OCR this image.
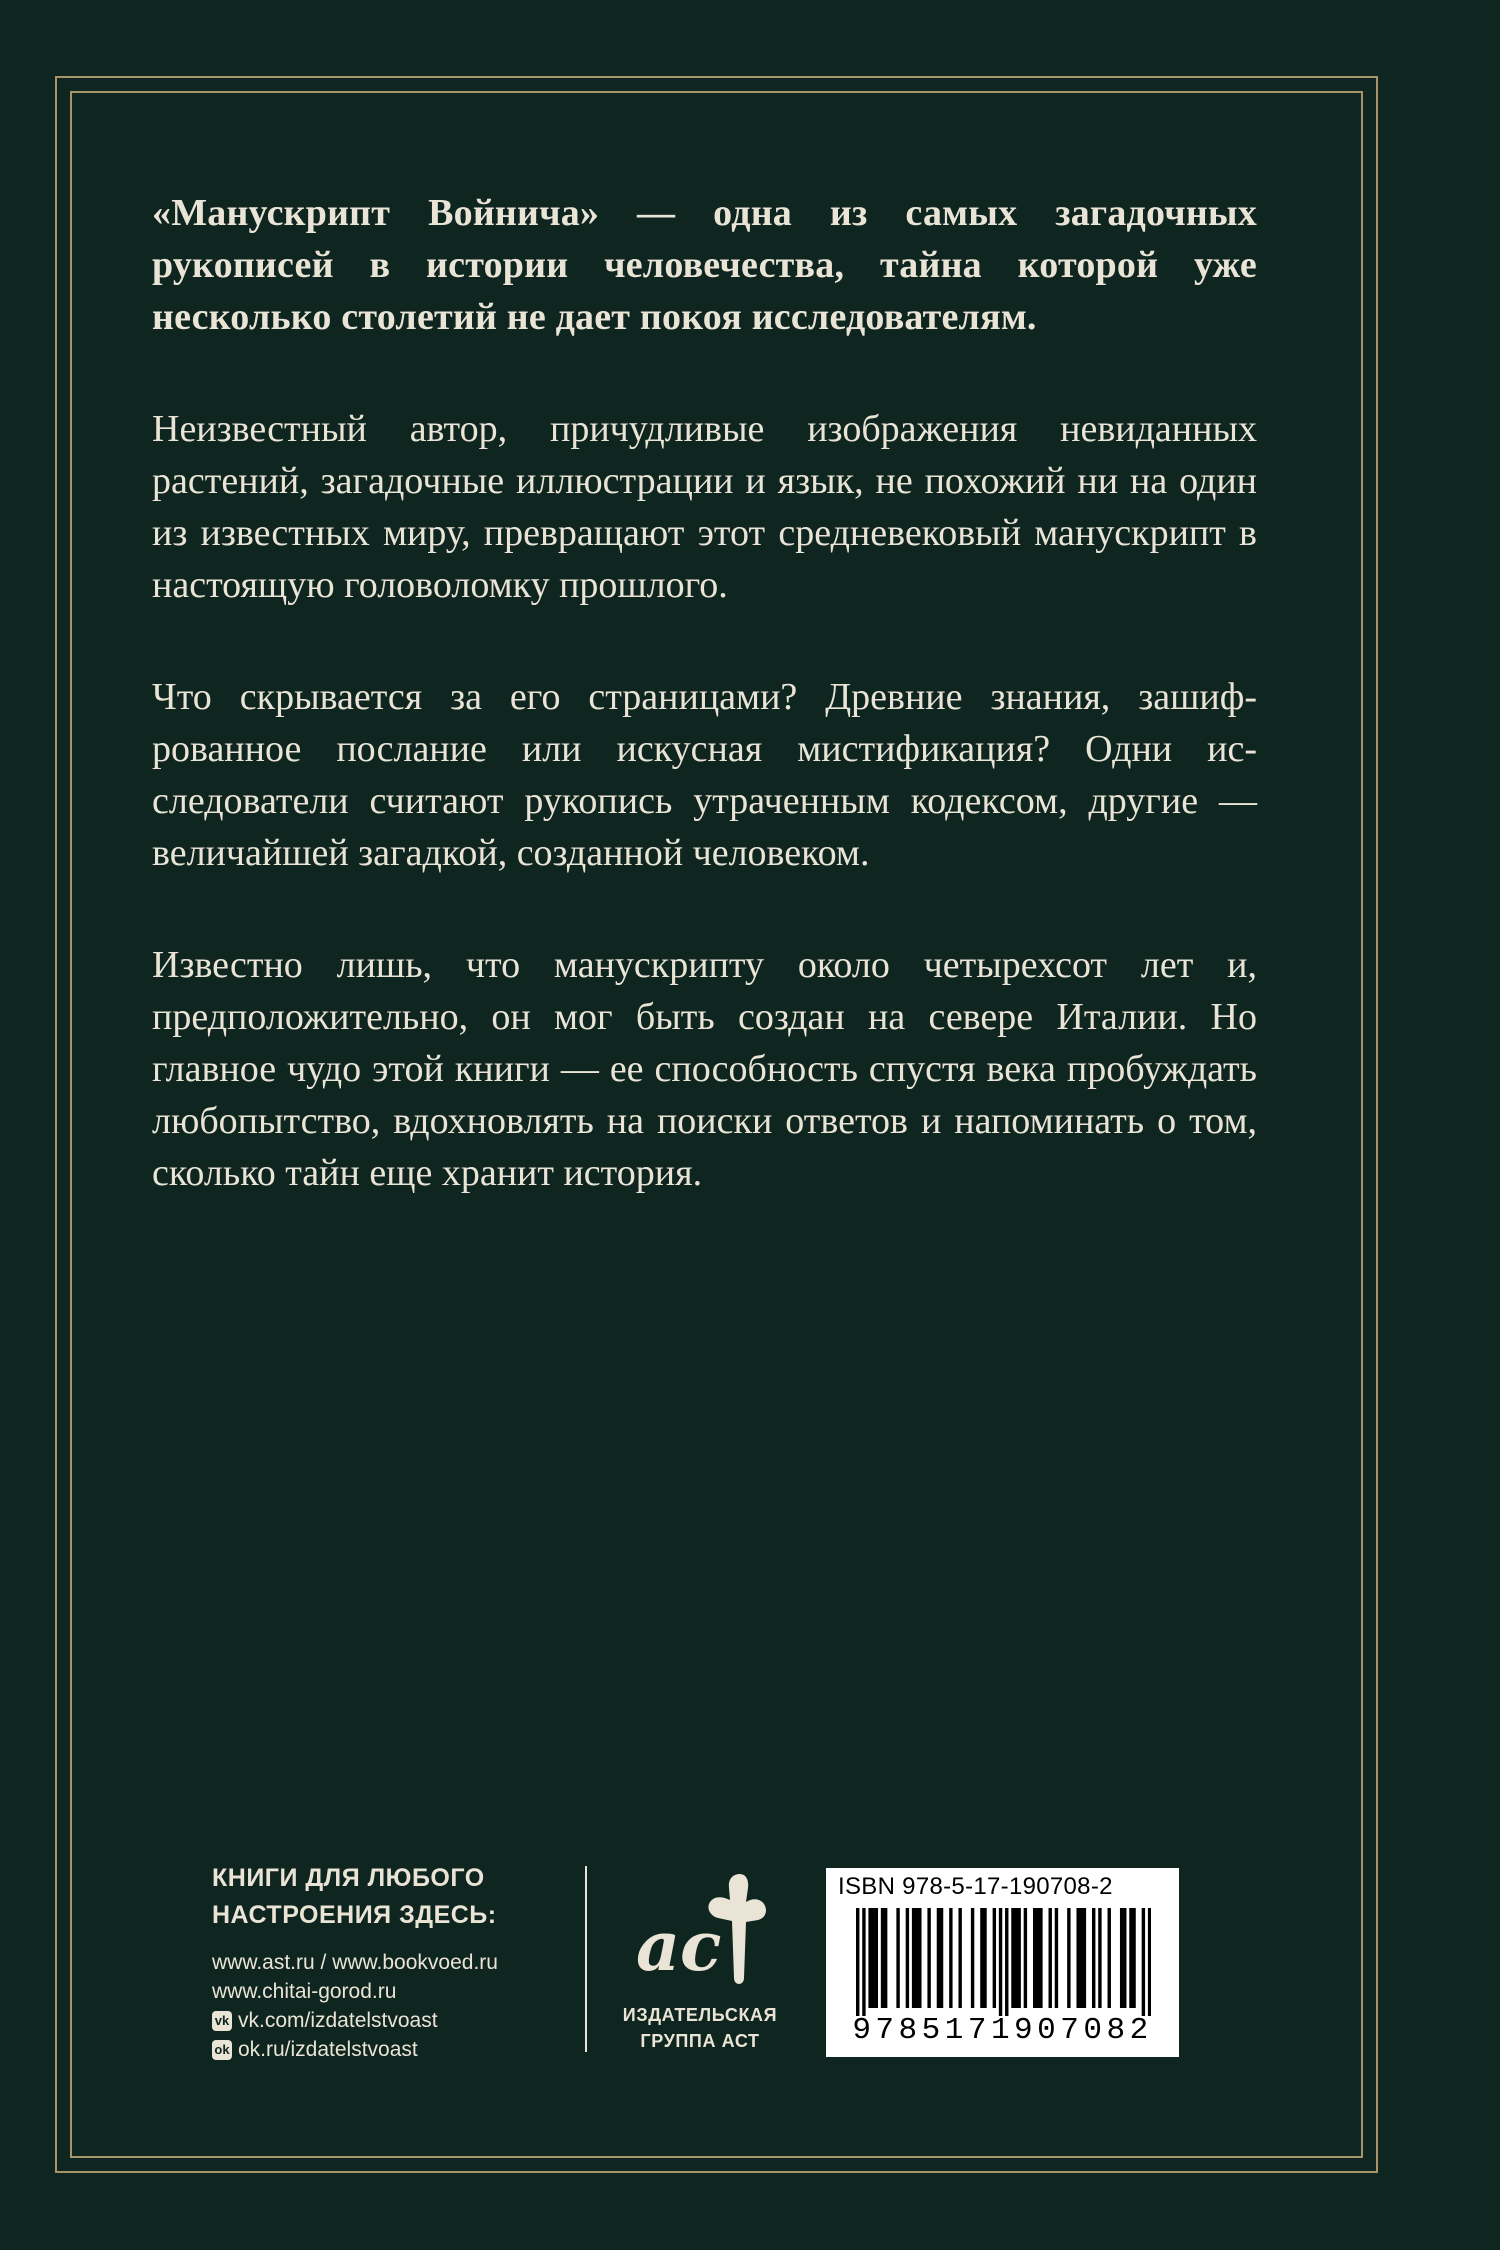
«Манускрипт Войнича» — одна из самых загадочных рукописей в истории человечества, тайна которой уже несколько столетий не дает покоя исследователям.

Неизвестный автор, причудливые изображения невиданных растений, загадочные иллюстрации и язык, не похожий ни на один из известных миру, превращают этот средневековый манускрипт в настоящую головоломку прошлого.

Что скрывается за его страницами? Древние знания, зашифрованное послание или искусная мистификация? Одни исследователи считают рукопись утраченным кодексом, другие — величайшей загадкой, созданной человеком.

Известно лишь, что манускрипту около четырехсот лет и, предположительно, он мог быть создан на севере Италии. Но главное чудо этой книги — ее способность спустя века пробуждать любопытство, вдохновлять на поиски ответов и напоминать о том, сколько тайн еще хранит история.

КНИГИ ДЛЯ ЛЮБОГО
НАСТРОЕНИЯ ЗДЕСЬ:
www.ast.ru / www.bookvoed.ru
www.chitai-gorod.ru
vk vk.com/izdatelstvoast
ok ok.ru/izdatelstvoast
ас
ИЗДАТЕЛЬСКАЯ
ГРУППА АСТ
ISBN 978-5-17-190708-2
9785171907082
